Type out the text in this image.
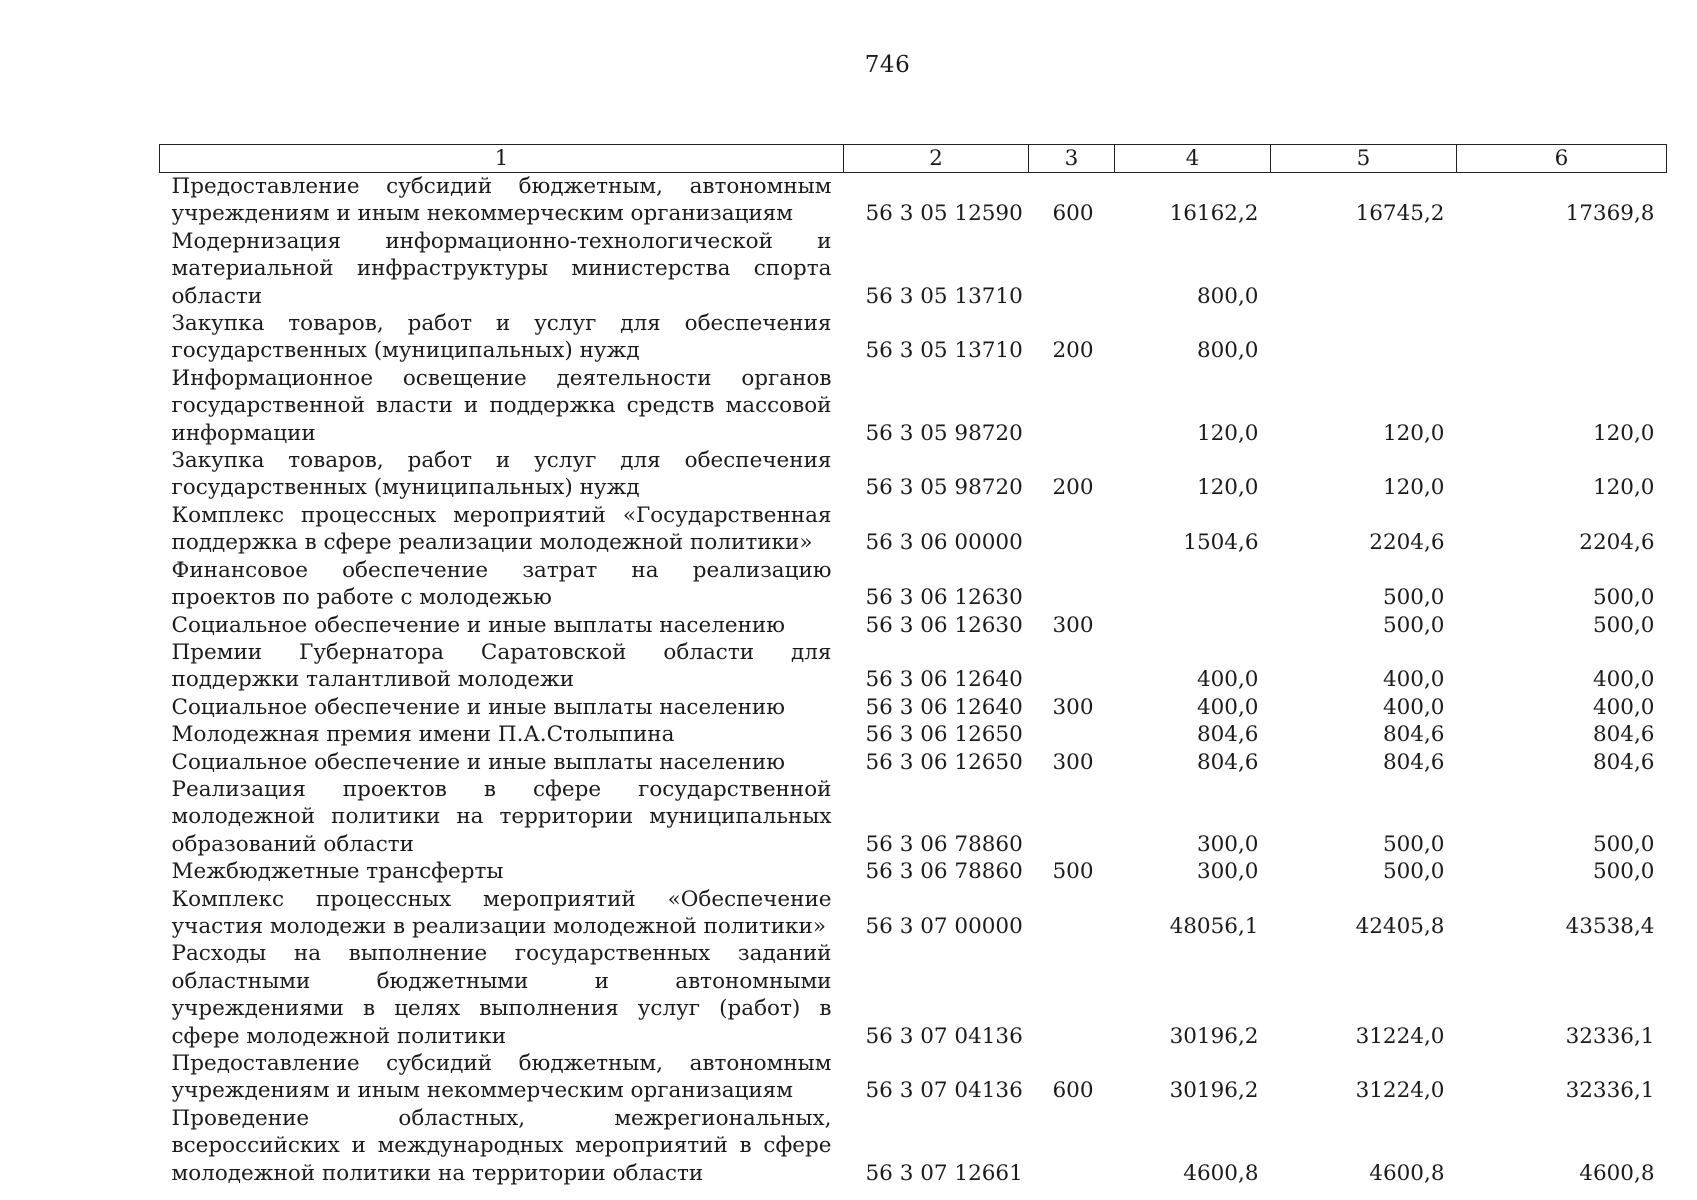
746
1	2	3	4	5	6
Предоставление субсидий бюджетным, автономным учреждениям и иным некоммерческим организациям	56 3 05 12590	600	16162,2	16745,2	17369,8
Модернизация информационно-технологической и материальной инфраструктуры министерства спорта области	56 3 05 13710		800,0		
Закупка товаров, работ и услуг для обеспечения государственных (муниципальных) нужд	56 3 05 13710	200	800,0		
Информационное освещение деятельности органов государственной власти и поддержка средств массовой информации	56 3 05 98720		120,0	120,0	120,0
Закупка товаров, работ и услуг для обеспечения государственных (муниципальных) нужд	56 3 05 98720	200	120,0	120,0	120,0
Комплекс процессных мероприятий «Государственная поддержка в сфере реализации молодежной политики»	56 3 06 00000		1504,6	2204,6	2204,6
Финансовое обеспечение затрат на реализацию проектов по работе с молодежью	56 3 06 12630			500,0	500,0
Социальное обеспечение и иные выплаты населению	56 3 06 12630	300		500,0	500,0
Премии Губернатора Саратовской области для поддержки талантливой молодежи	56 3 06 12640		400,0	400,0	400,0
Социальное обеспечение и иные выплаты населению	56 3 06 12640	300	400,0	400,0	400,0
Молодежная премия имени П.А.Столыпина	56 3 06 12650		804,6	804,6	804,6
Социальное обеспечение и иные выплаты населению	56 3 06 12650	300	804,6	804,6	804,6
Реализация проектов в сфере государственной молодежной политики на территории муниципальных образований области	56 3 06 78860		300,0	500,0	500,0
Межбюджетные трансферты	56 3 06 78860	500	300,0	500,0	500,0
Комплекс процессных мероприятий «Обеспечение участия молодежи в реализации молодежной политики»	56 3 07 00000		48056,1	42405,8	43538,4
Расходы на выполнение государственных заданий областными бюджетными и автономными учреждениями в целях выполнения услуг (работ) в сфере молодежной политики	56 3 07 04136		30196,2	31224,0	32336,1
Предоставление субсидий бюджетным, автономным учреждениям и иным некоммерческим организациям	56 3 07 04136	600	30196,2	31224,0	32336,1
Проведение областных, межрегиональных, всероссийских и международных мероприятий в сфере молодежной политики на территории области	56 3 07 12661		4600,8	4600,8	4600,8
